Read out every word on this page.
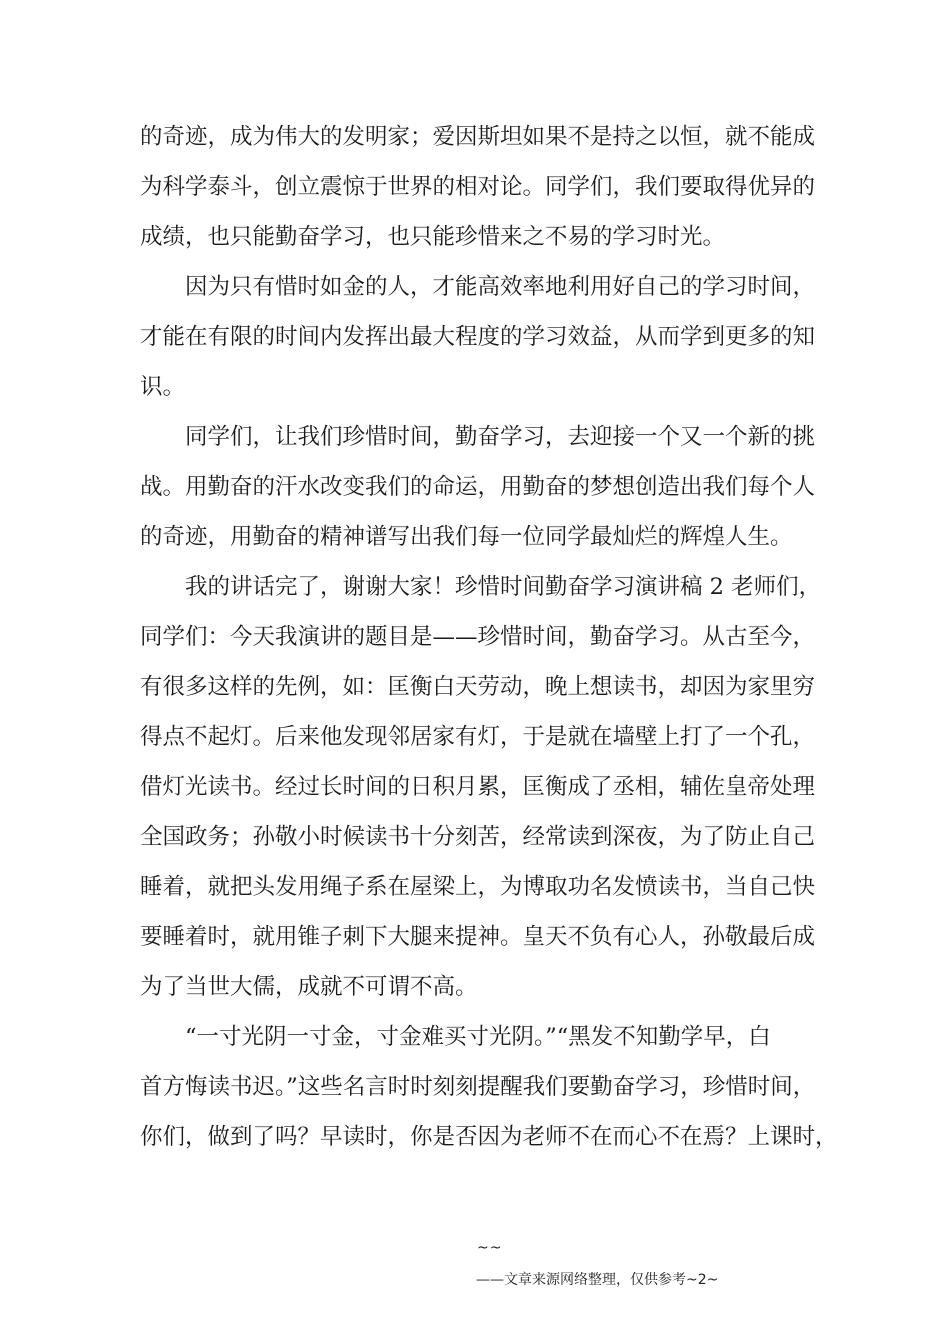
的奇迹，成为伟大的发明家；爱因斯坦如果不是持之以恒，就不能成
为科学泰斗，创立震惊于世界的相对论。同学们，我们要取得优异的
成绩，也只能勤奋学习，也只能珍惜来之不易的学习时光。
因为只有惜时如金的人，才能高效率地利用好自己的学习时间，
才能在有限的时间内发挥出最大程度的学习效益，从而学到更多的知
识。
同学们，让我们珍惜时间，勤奋学习，去迎接一个又一个新的挑
战。用勤奋的汗水改变我们的命运，用勤奋的梦想创造出我们每个人
的奇迹，用勤奋的精神谱写出我们每一位同学最灿烂的辉煌人生。
我的讲话完了，谢谢大家！珍惜时间勤奋学习演讲稿 2 老师们，
同学们：今天我演讲的题目是——珍惜时间，勤奋学习。从古至今，
有很多这样的先例，如：匡衡白天劳动，晚上想读书，却因为家里穷
得点不起灯。后来他发现邻居家有灯，于是就在墙壁上打了一个孔，
借灯光读书。经过长时间的日积月累，匡衡成了丞相，辅佐皇帝处理
全国政务；孙敬小时候读书十分刻苦，经常读到深夜，为了防止自己
睡着，就把头发用绳子系在屋梁上，为博取功名发愤读书，当自己快
要睡着时，就用锥子刺下大腿来提神。皇天不负有心人，孙敬最后成
为了当世大儒，成就不可谓不高。
“一寸光阴一寸金，寸金难买寸光阴。”“黑发不知勤学早，白
首方悔读书迟。”这些名言时时刻刻提醒我们要勤奋学习，珍惜时间，
你们，做到了吗？早读时，你是否因为老师不在而心不在焉？上课时，
~~
——文章来源网络整理，仅供参考~2~
